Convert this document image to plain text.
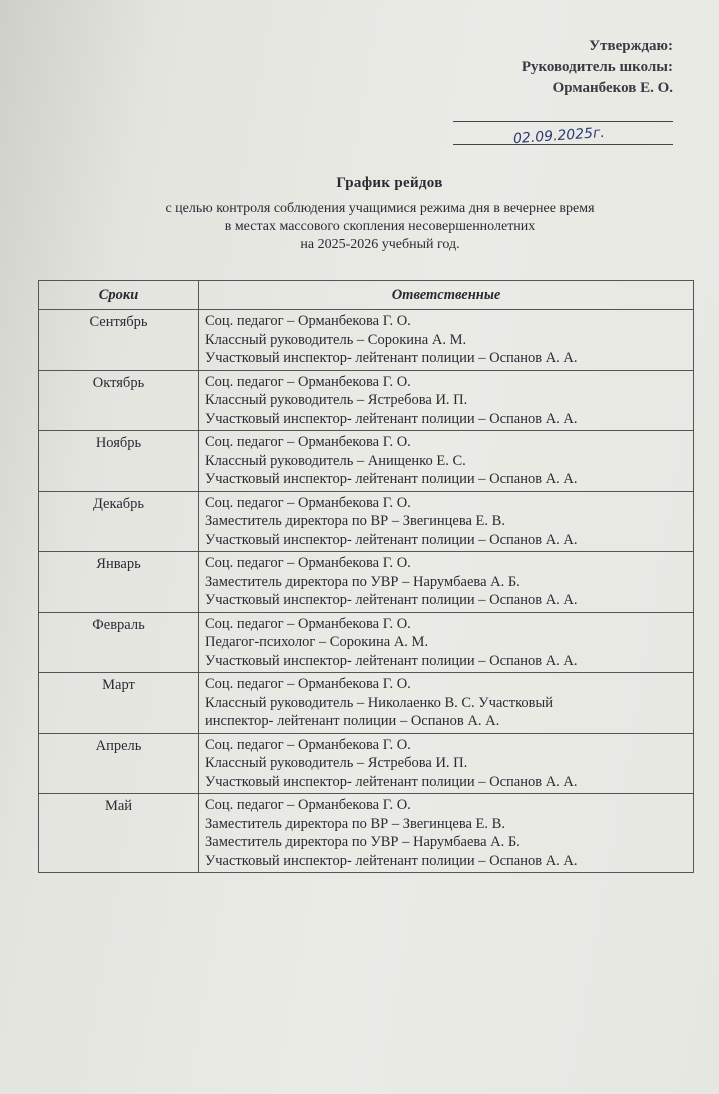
Утверждаю:
Руководитель школы:
Орманбеков Е. О.
02.09.2025г.
График рейдов
с целью контроля соблюдения учащимися режима дня в вечернее время
в местах массового скопления несовершеннолетних
на 2025-2026 учебный год.
Сроки	Ответственные
Сентябрь	Соц. педагог – Орманбекова Г. О.
Классный руководитель – Сорокина А. М.
Участковый инспектор- лейтенант полиции – Оспанов А. А.

Октябрь	Соц. педагог – Орманбекова Г. О.
Классный руководитель – Ястребова И. П.
Участковый инспектор- лейтенант полиции – Оспанов А. А.

Ноябрь	Соц. педагог – Орманбекова Г. О.
Классный руководитель – Анищенко Е. С.
Участковый инспектор- лейтенант полиции – Оспанов А. А.

Декабрь	Соц. педагог – Орманбекова Г. О.
Заместитель директора по ВР – Звегинцева Е. В.
Участковый инспектор- лейтенант полиции – Оспанов А. А.

Январь	Соц. педагог – Орманбекова Г. О.
Заместитель директора по УВР – Нарумбаева А. Б.
Участковый инспектор- лейтенант полиции – Оспанов А. А.

Февраль	Соц. педагог – Орманбекова Г. О.
Педагог-психолог – Сорокина А. М.
Участковый инспектор- лейтенант полиции – Оспанов А. А.

Март	Соц. педагог – Орманбекова Г. О.
Классный руководитель – Николаенко В. С. Участковый
инспектор- лейтенант полиции – Оспанов А. А.

Апрель	Соц. педагог – Орманбекова Г. О.
Классный руководитель – Ястребова И. П.
Участковый инспектор- лейтенант полиции – Оспанов А. А.

Май	Соц. педагог – Орманбекова Г. О.
Заместитель директора по ВР – Звегинцева Е. В.
Заместитель директора по УВР – Нарумбаева А. Б.
Участковый инспектор- лейтенант полиции – Оспанов А. А.
